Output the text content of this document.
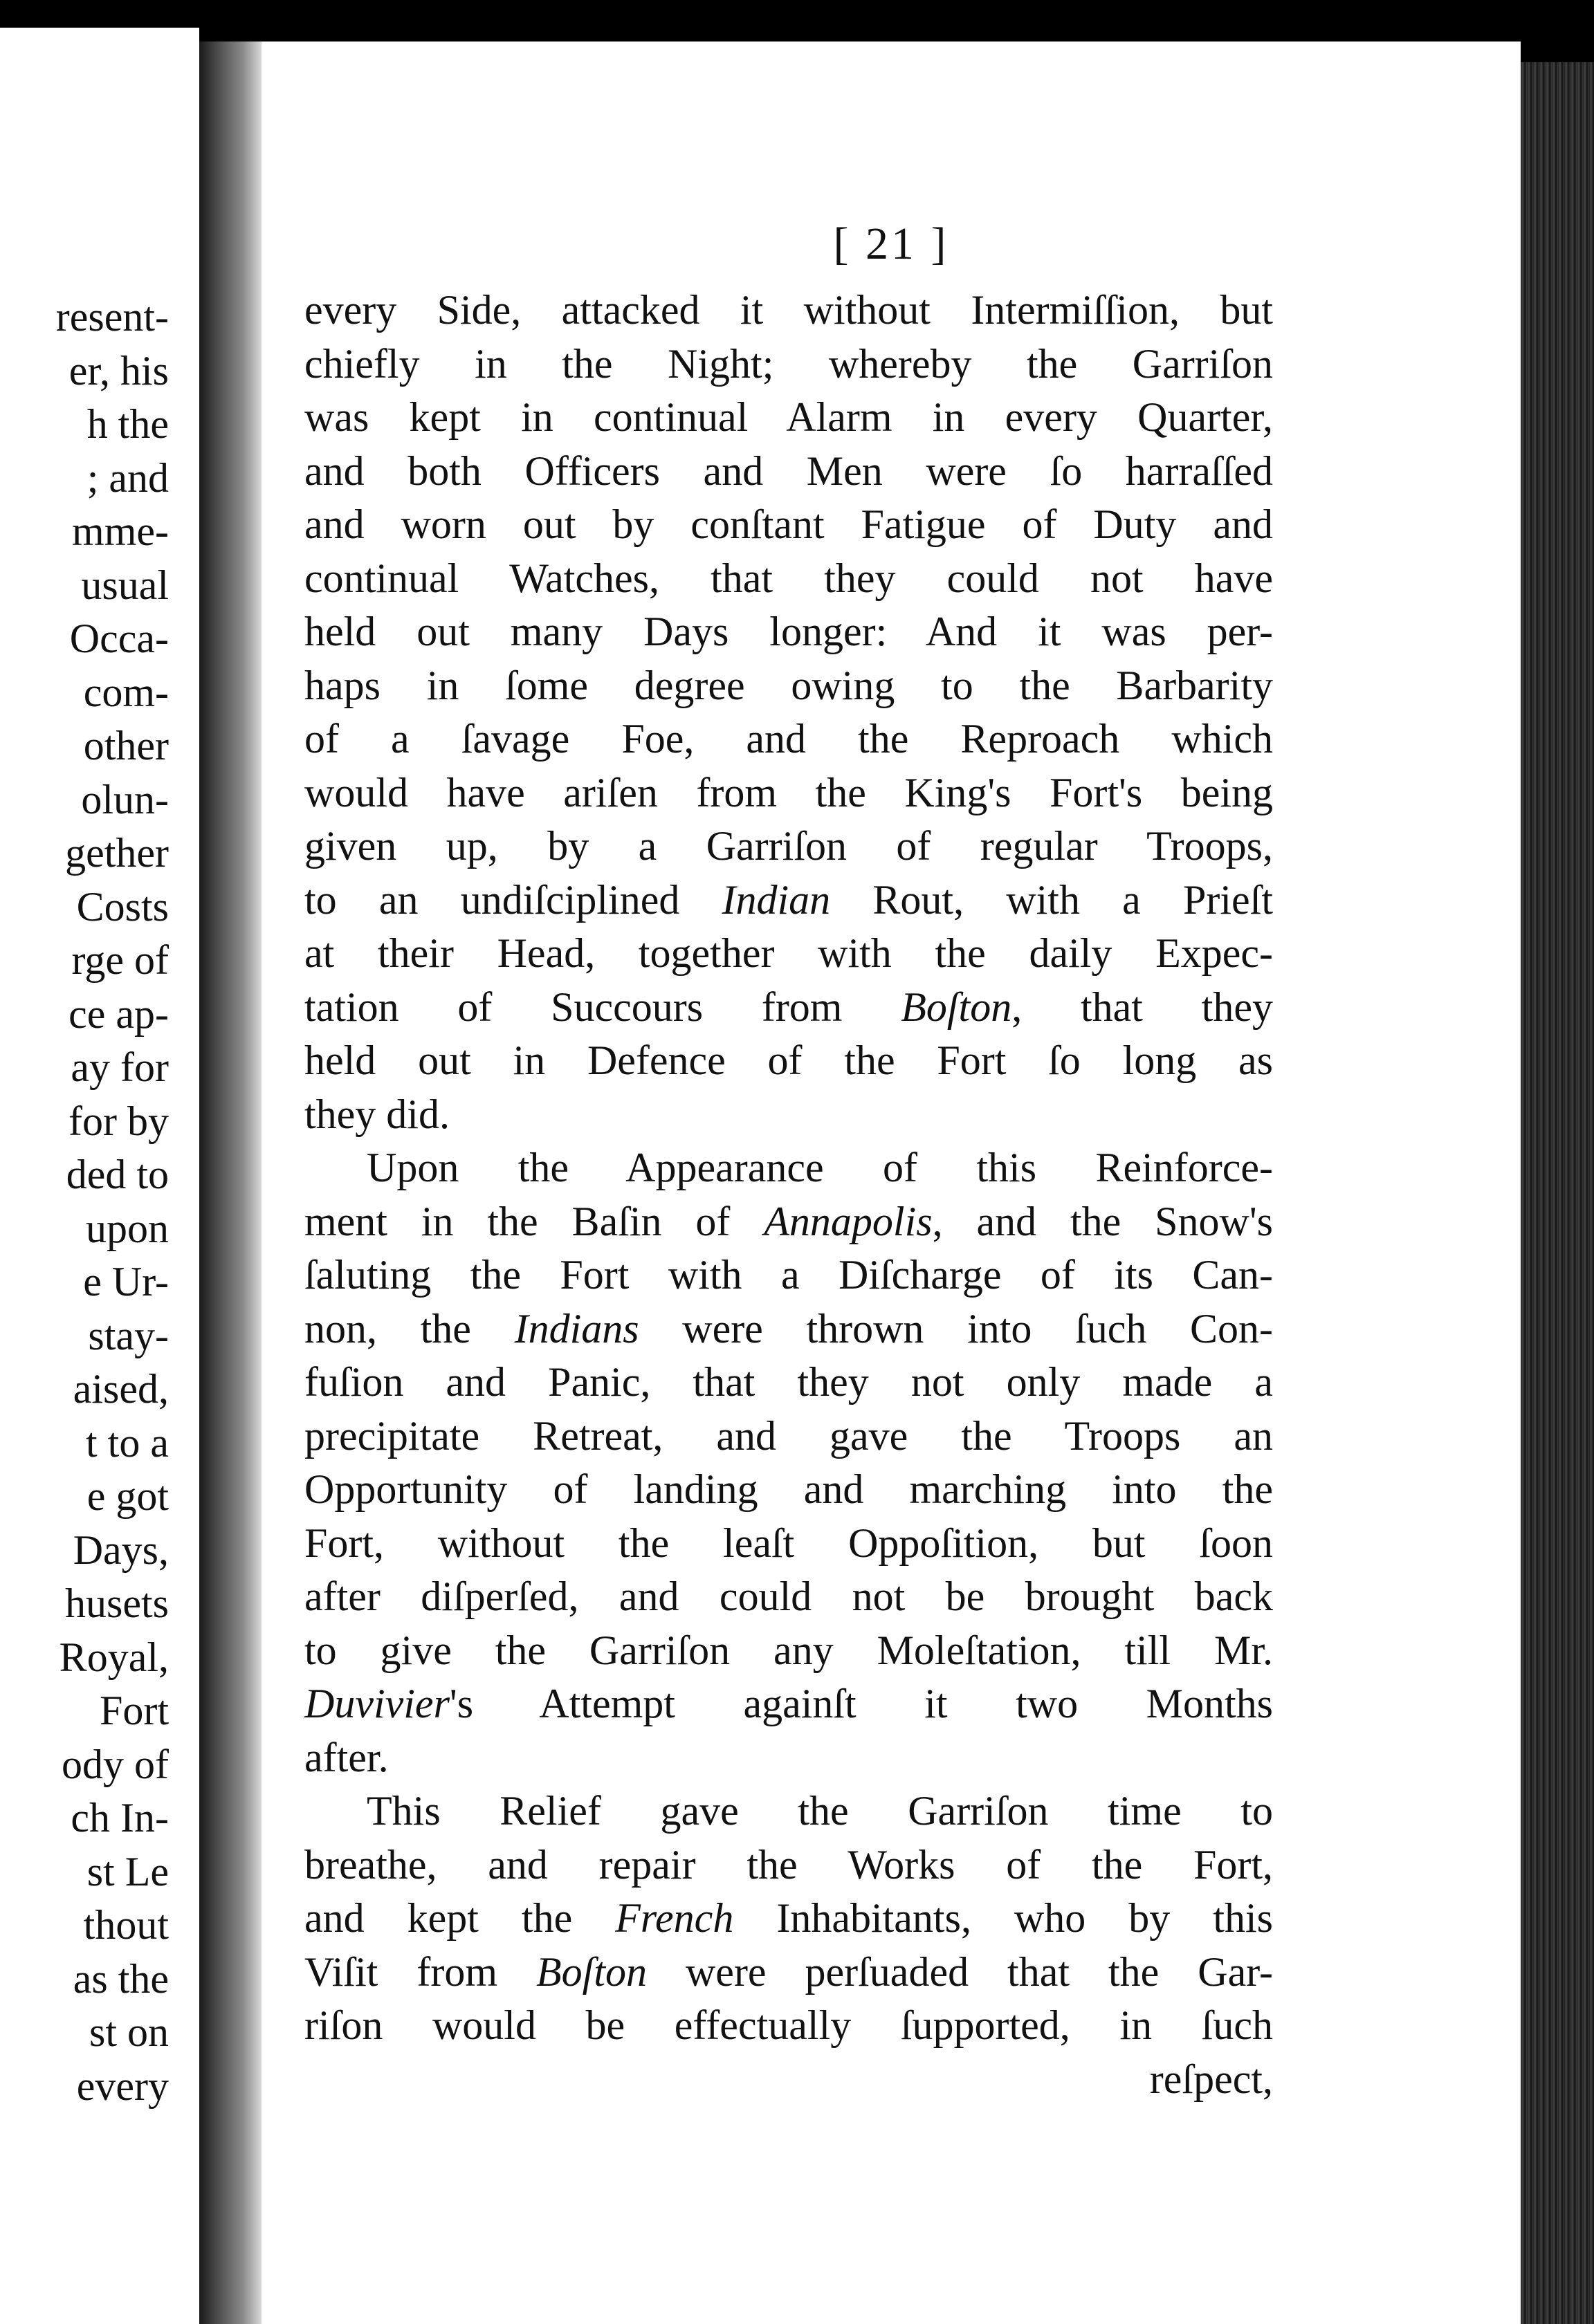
resent-
er, his
h the
; and
mme-
usual
Occa-
com-
other
olun-
gether
Costs
rge of
ce ap-
ay for
for by
ded to
upon
e Ur-
stay-
aised,
t to a
e got
Days,
husets
Royal,
Fort
ody of
ch In-
st Le
thout
as the
st on
every
[ 21 ]
every Side, attacked it without Intermiſſion, but
chiefly in the Night; whereby the Garriſon
was kept in continual Alarm in every Quarter,
and both Officers and Men were ſo harraſſed
and worn out by conſtant Fatigue of Duty and
continual Watches, that they could not have
held out many Days longer: And it was per-
haps in ſome degree owing to the Barbarity
of a ſavage Foe, and the Reproach which
would have ariſen from the King's Fort's being
given up, by a Garriſon of regular Troops,
to an undiſciplined Indian Rout, with a Prieſt
at their Head, together with the daily Expec-
tation of Succours from Boſton, that they
held out in Defence of the Fort ſo long as
they did.
Upon the Appearance of this Reinforce-
ment in the Baſin of Annapolis, and the Snow's
ſaluting the Fort with a Diſcharge of its Can-
non, the Indians were thrown into ſuch Con-
fuſion and Panic, that they not only made a
precipitate Retreat, and gave the Troops an
Opportunity of landing and marching into the
Fort, without the leaſt Oppoſition, but ſoon
after diſperſed, and could not be brought back
to give the Garriſon any Moleſtation, till Mr.
Duvivier's Attempt againſt it two Months
after.
This Relief gave the Garriſon time to
breathe, and repair the Works of the Fort,
and kept the French Inhabitants, who by this
Viſit from Boſton were perſuaded that the Gar-
riſon would be effectually ſupported, in ſuch
reſpect,
